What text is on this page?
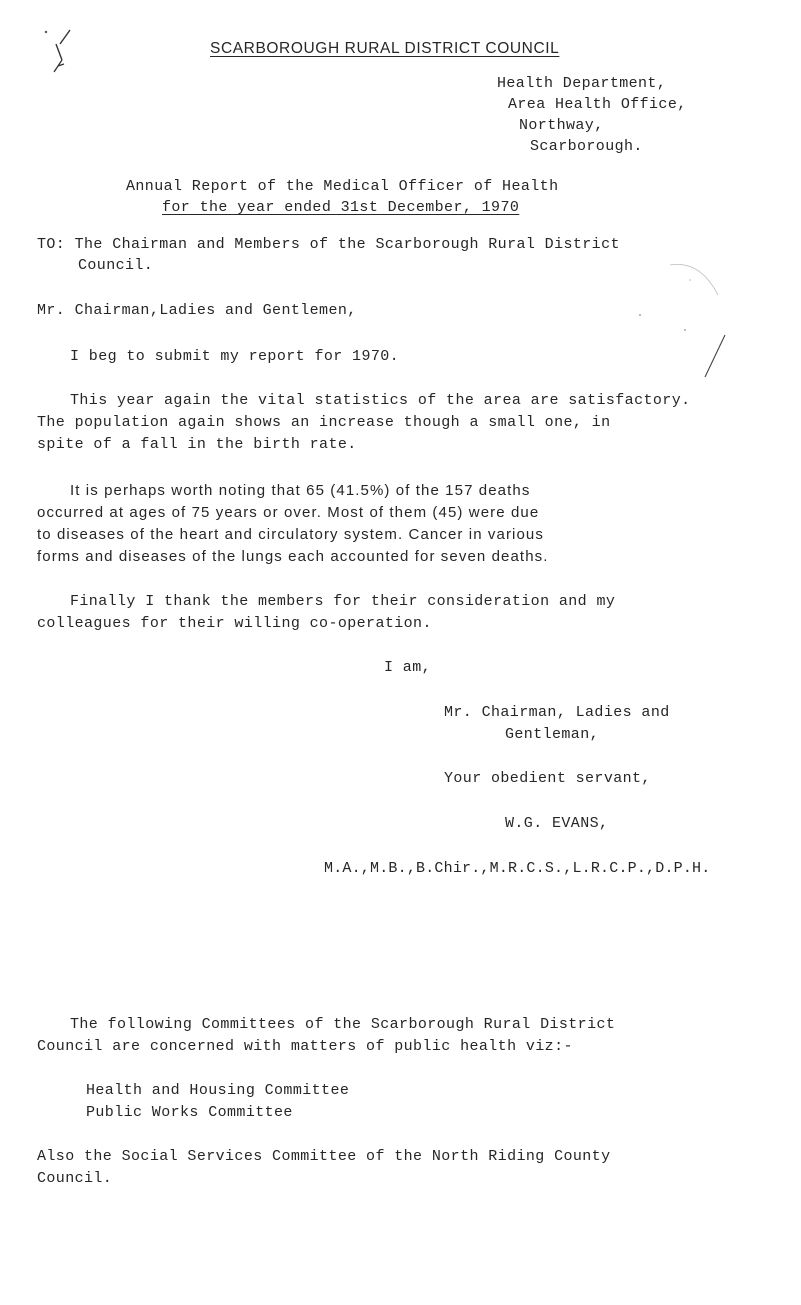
SCARBOROUGH RURAL DISTRICT COUNCIL
Health Department,
Area Health Office,
Northway,
Scarborough.
Annual Report of the Medical Officer of Health
for the year ended 31st December, 1970
TO: The Chairman and Members of the Scarborough Rural District
Council.
Mr. Chairman,Ladies and Gentlemen,
I beg to submit my report for 1970.
This year again the vital statistics of the area are satisfactory.
The population again shows an increase though a small one, in
spite of a fall in the birth rate.
It is perhaps worth noting that 65 (41.5%) of the 157 deaths
occurred at ages of 75 years or over. Most of them (45) were due
to diseases of the heart and circulatory system. Cancer in various
forms and diseases of the lungs each accounted for seven deaths.
Finally I thank the members for their consideration and my
colleagues for their willing co-operation.
I am,
Mr. Chairman, Ladies and
Gentleman,
Your obedient servant,
W.G. EVANS,
M.A.,M.B.,B.Chir.,M.R.C.S.,L.R.C.P.,D.P.H.
The following Committees of the Scarborough Rural District
Council are concerned with matters of public health viz:-
Health and Housing Committee
Public Works Committee
Also the Social Services Committee of the North Riding County
Council.
